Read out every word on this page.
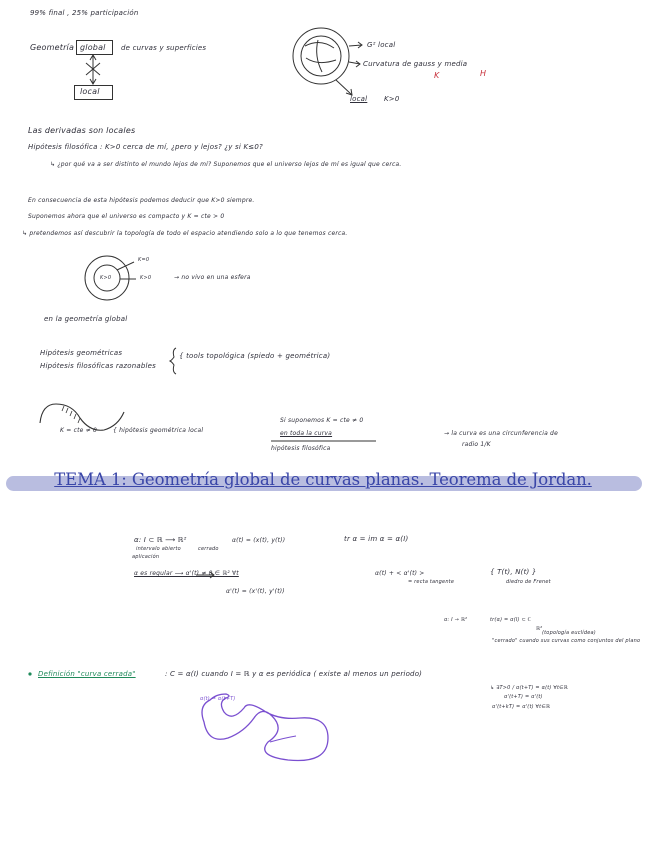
99% final , 25% participación
Geometría global de curvas y superficies
local
G² local
Curvatura de gauss y media
K	H
local K>0
Las derivadas son locales
Hipótesis filosófica : K>0 cerca de mí, ¿pero y lejos? ¿y si K≤0?
↳ ¿por qué va a ser distinto el mundo lejos de mí? Suponemos que el universo lejos de mí es igual que cerca.
En consecuencia de esta hipótesis podemos deducir que K>0 siempre.
Suponemos ahora que el universo es compacto y K = cte > 0
↳ pretendemos así descubrir la topología de todo el espacio atendiendo solo a lo que tenemos cerca.
K>0
K=0
K>0	→ no vivo en una esfera
en la geometría global
Hipótesis geométricas
Hipótesis filosóficas razonables
{ tools topológica (spiedo + geométrica)
K = cte ≠ 0	{ hipótesis geométrica local
Si suponemos K = cte ≠ 0
en toda la curva
hipótesis filosófica
→ la curva es una circunferencia de
radio 1/K
TEMA 1: Geometría global de curvas planas. Teorema de Jordan.
α: I ⊂ ℝ ⟶ ℝ²
intervalo abierto	cerrado
aplicación
α(t) = (x(t), y(t))	tr α = im α = α(I)
α es regular ⟶ α'(t) ≠ 0 ∈ ℝ² ∀t
α'(t) = (x'(t), y'(t))
α(t) + < α'(t) >
= recta tangente
{ T(t), N(t) }
diedro de Frenet
α: I → ℝ²	tr(α) = α(I) ⊂ ℂ
ℝ²
(topología euclídea)
"cerrado" cuando sus curvas como conjuntos del plano
Definición "curva cerrada"	: C = α(I) cuando I = ℝ y α es periódica ( existe al menos un periodo)
↳ ∃T>0 / α(t+T) = α(t) ∀t∈ℝ
α'(t+T) = α'(t)
α'(t+kT) = α'(t) ∀t∈ℝ
α(t) = α(t+T)
